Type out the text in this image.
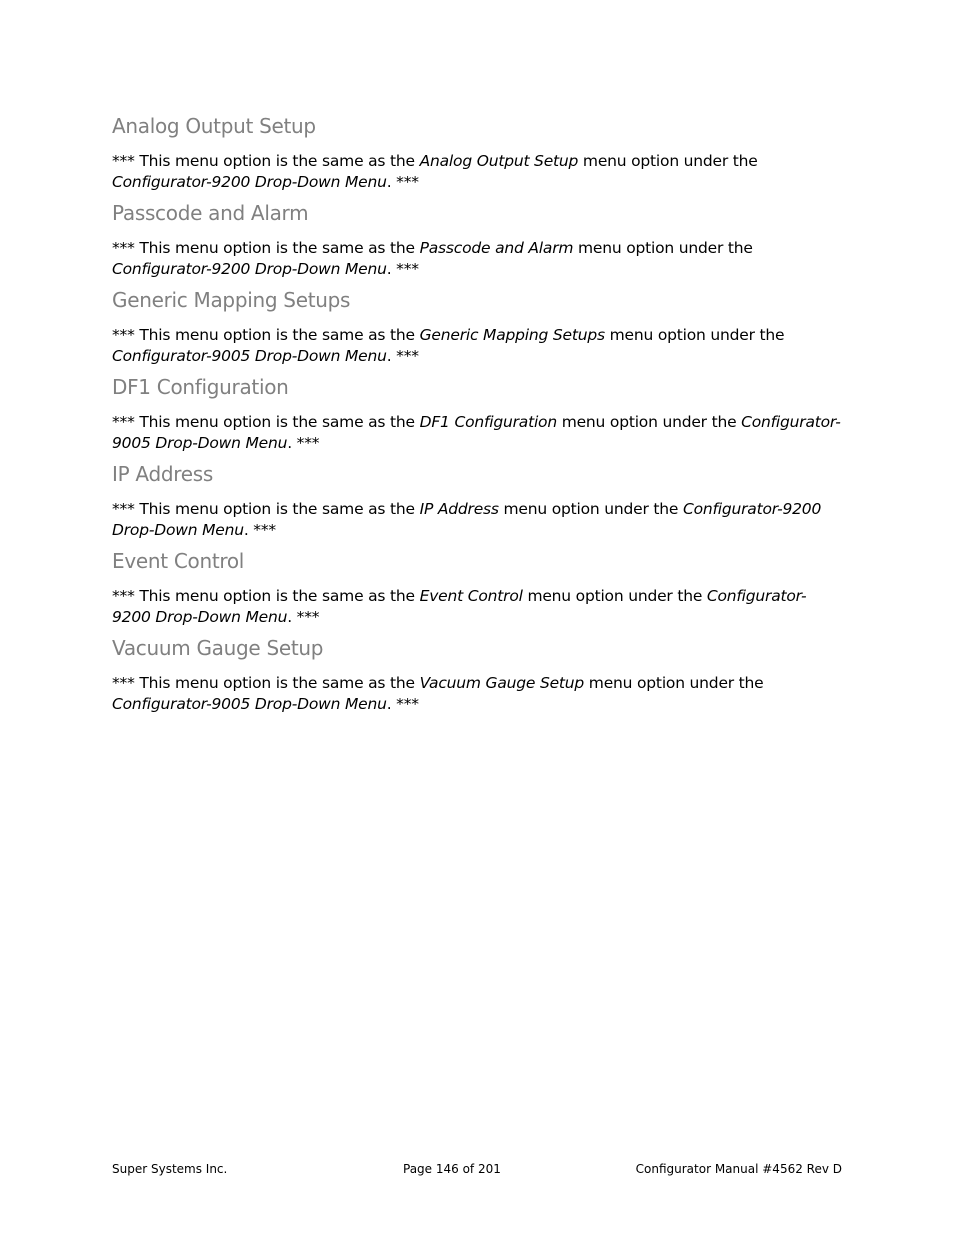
Analog Output Setup

*** This menu option is the same as the Analog Output Setup menu option under the Configurator-9200 Drop-Down Menu. ***

Passcode and Alarm

*** This menu option is the same as the Passcode and Alarm menu option under the Configurator-9200 Drop-Down Menu. ***

Generic Mapping Setups

*** This menu option is the same as the Generic Mapping Setups menu option under the Configurator-9005 Drop-Down Menu. ***

DF1 Configuration

*** This menu option is the same as the DF1 Configuration menu option under the Configurator-9005 Drop-Down Menu. ***

IP Address

*** This menu option is the same as the IP Address menu option under the Configurator-9200 Drop-Down Menu. ***

Event Control

*** This menu option is the same as the Event Control menu option under the Configurator-9200 Drop-Down Menu. ***

Vacuum Gauge Setup

*** This menu option is the same as the Vacuum Gauge Setup menu option under the Configurator-9005 Drop-Down Menu. ***

Super Systems Inc.	Page 146 of 201	Configurator Manual #4562 Rev D
